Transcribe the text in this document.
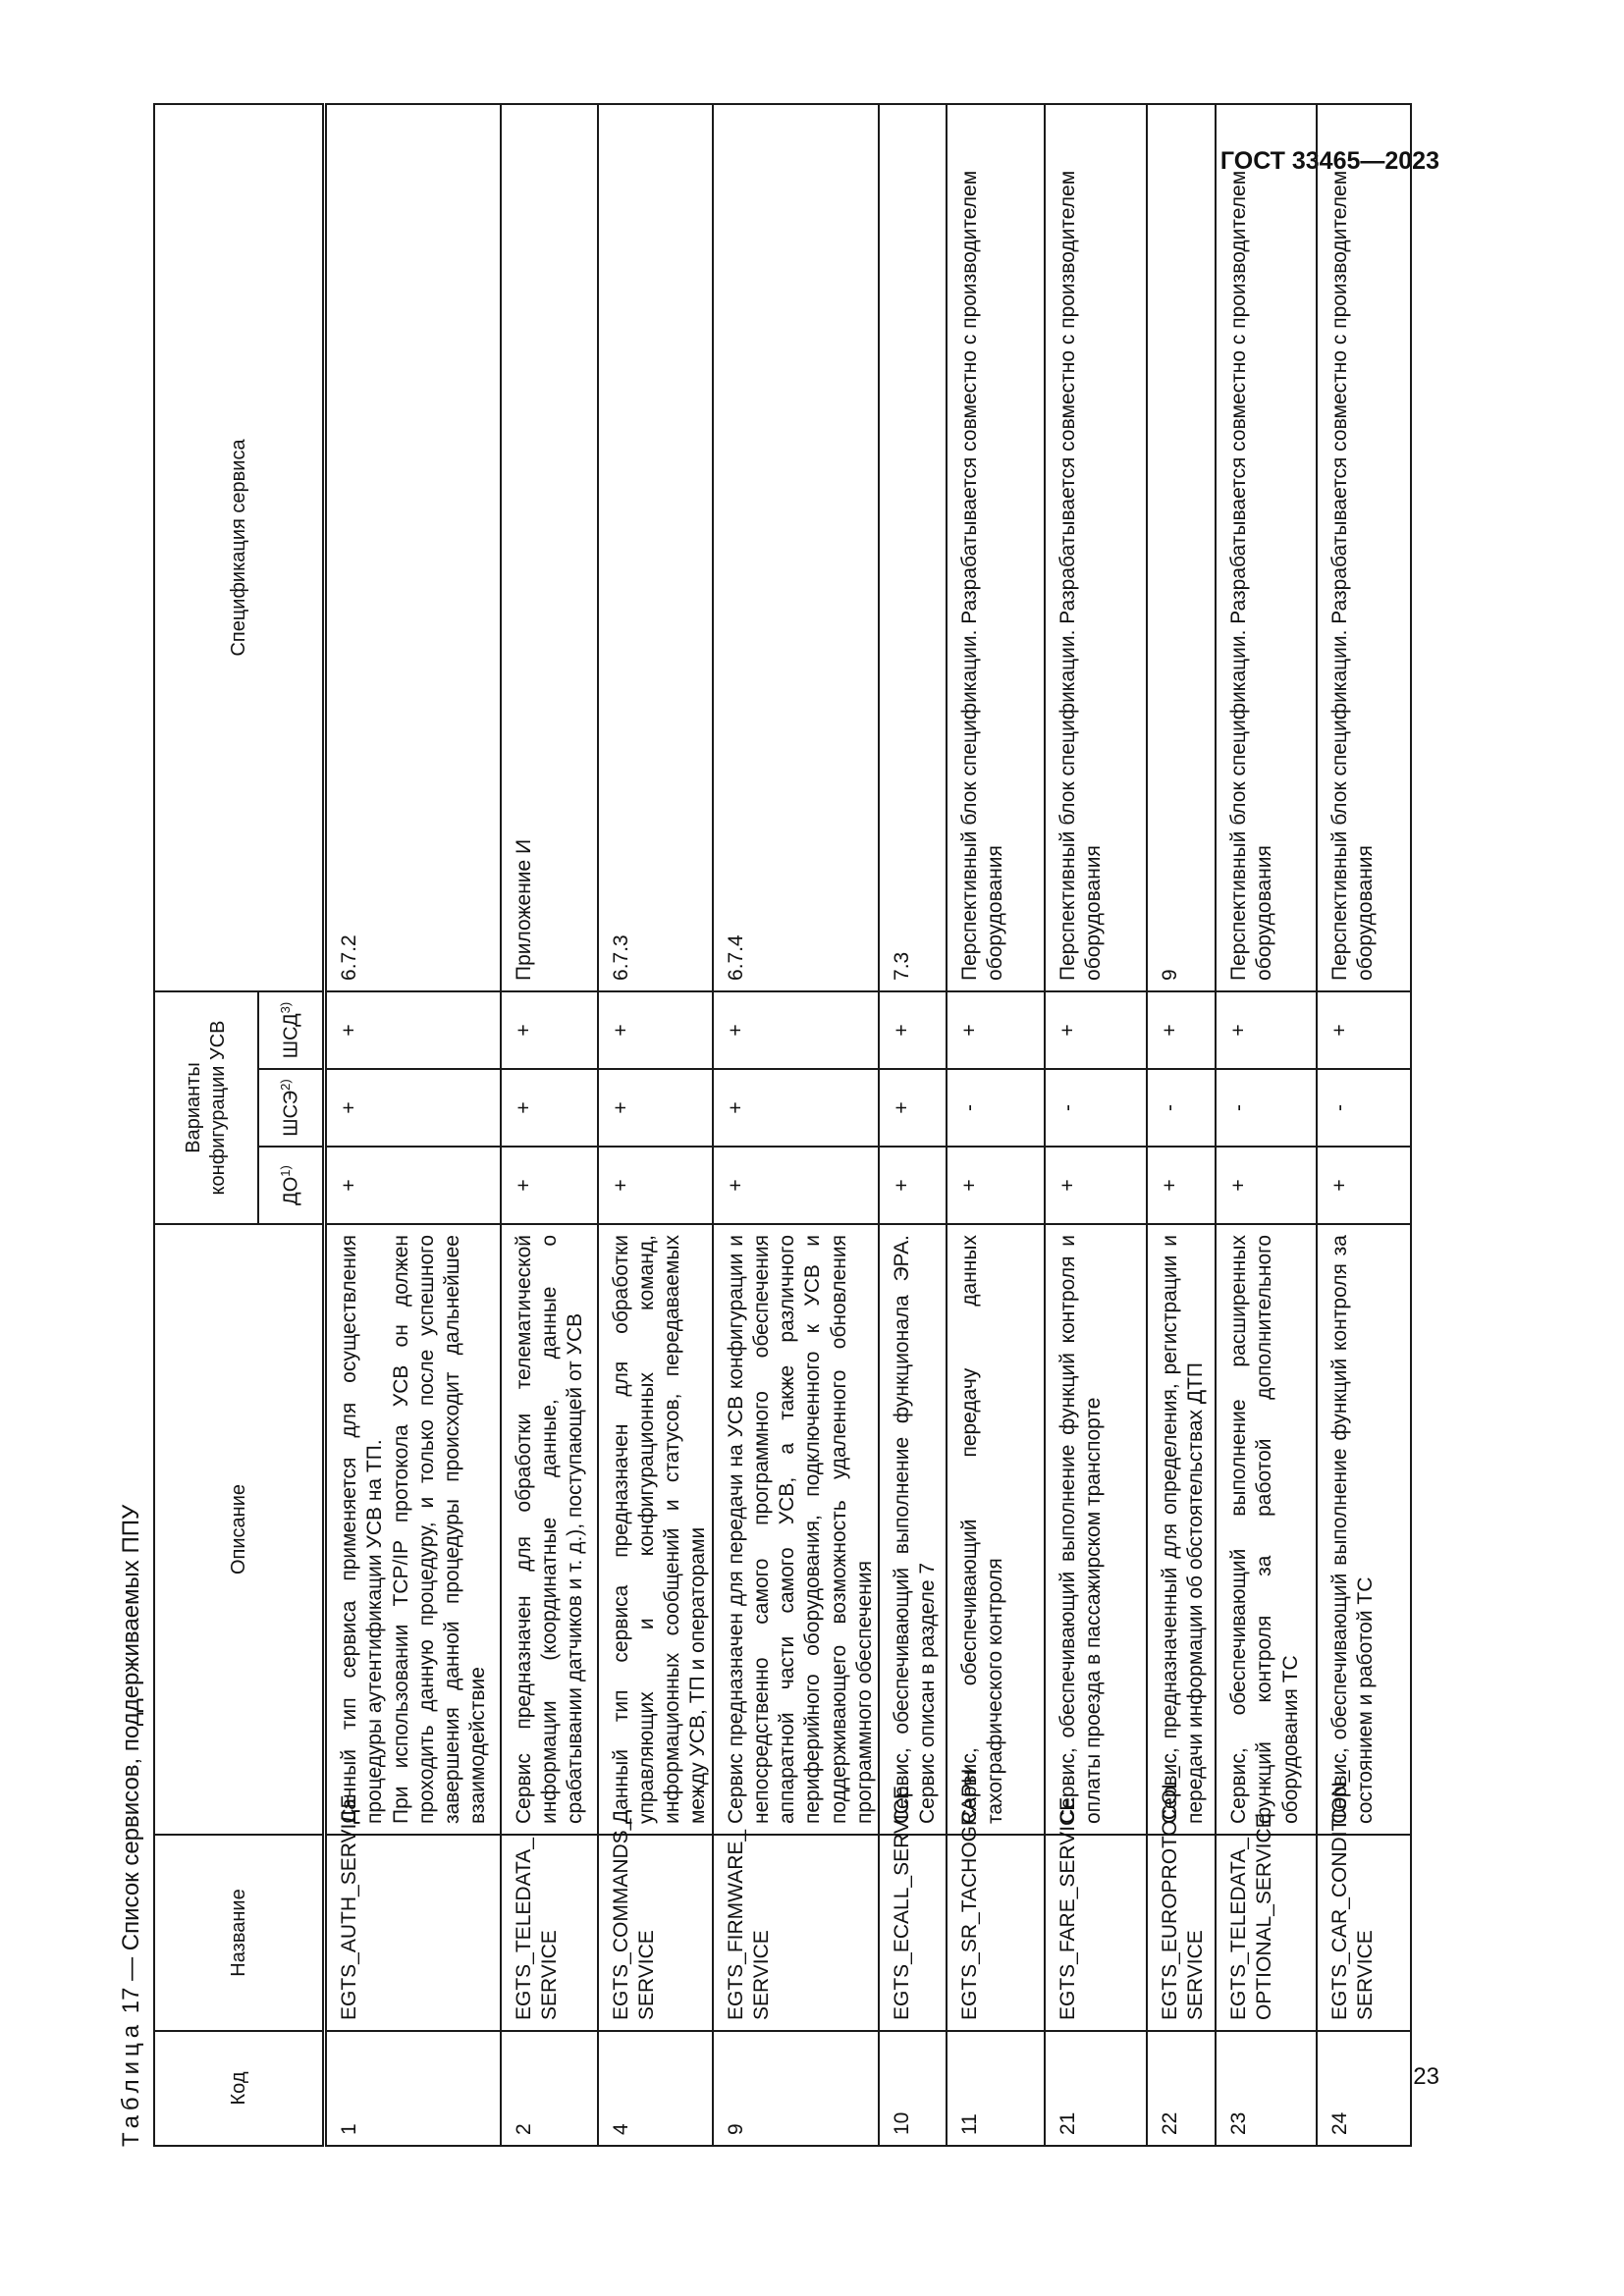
ГОСТ 33465—2023
23
Таблица 17 — Список сервисов, поддерживаемых ППУ
Код	Название	Описание	Варианты конфигурации УСВ			Спецификация сервиса
			ДО$^{1)}$	ШСЭ$^{2)}$	ШСД$^{3)}$
1	EGTS_AUTH_SERVICE	Данный тип сервиса применяется для осуществления процедуры аутентификации УСВ на ТП. При использовании TCP/IP протокола УСВ он должен проходить данную процедуру, и только после успешного завершения данной процедуры происходит дальнейшее взаимодействие	+	+	+	6.7.2
2	EGTS_TELEDATA_ SERVICE	Сервис предназначен для обработки телематической информации (координатные данные, данные о срабатывании датчиков и т. д.), поступающей от УСВ	+	+	+	Приложение И
4	EGTS_COMMANDS_ SERVICE	Данный тип сервиса предназначен для обработки управляющих и конфигурационных команд, информационных сообщений и статусов, передаваемых между УСВ, ТП и операторами	+	+	+	6.7.3
9	EGTS_FIRMWARE_ SERVICE	Сервис предназначен для передачи на УСВ конфигурации и непосредственно самого программного обеспечения аппаратной части самого УСВ, а также различного периферийного оборудования, подключенного к УСВ и поддерживающего возможность удаленного обновления программного обеспечения	+	+	+	6.7.4
10	EGTS_ECALL_SERVICE	Сервис, обеспечивающий выполнение функционала ЭРА. Сервис описан в разделе 7	+	+	+	7.3
11	EGTS_SR_TACHOGRAPH	Сервис, обеспечивающий передачу данных тахографического контроля	+	-	+	Перспективный блок спецификации. Разрабатывается совместно с производителем оборудования
21	EGTS_FARE_SERVICE	Сервис, обеспечивающий выполнение функций контроля и оплаты проезда в пассажирском транспорте	+	-	+	Перспективный блок спецификации. Разрабатывается совместно с производителем оборудования
22	EGTS_EUROPROTOCOL_ SERVICE	Сервис, предназначенный для определения, регистрации и передачи информации об обстоятельствах ДТП	+	-	+	9
23	EGTS_TELEDATA_ OPTIONAL_SERVICE	Сервис, обеспечивающий выполнение расширенных функций контроля за работой дополнительного оборудования ТС	+	-	+	Перспективный блок спецификации. Разрабатывается совместно с производителем оборудования
24	EGTS_CAR_CONDITION_ SERVICE	Сервис, обеспечивающий выполнение функций контроля за состоянием и работой ТС	+	-	+	Перспективный блок спецификации. Разрабатывается совместно с производителем оборудования
